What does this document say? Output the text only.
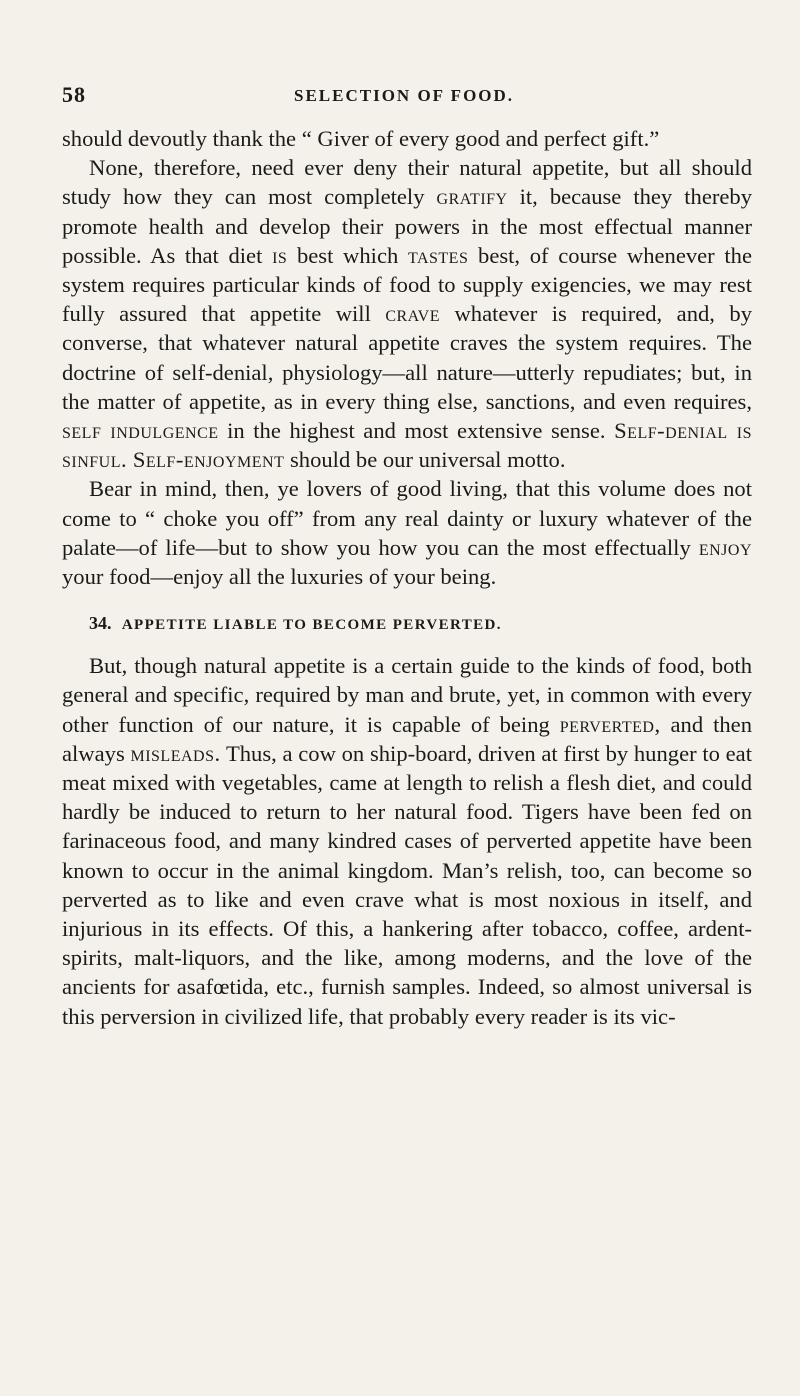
58	SELECTION OF FOOD.

should devoutly thank the “ Giver of every good and perfect gift.”

None, therefore, need ever deny their natural appetite, but all should study how they can most completely gratify it, because they thereby promote health and develop their powers in the most effectual manner possible. As that diet is best which tastes best, of course whenever the system requires particular kinds of food to supply exigencies, we may rest fully assured that appetite will crave whatever is required, and, by converse, that whatever natural appetite craves the system requires. The doctrine of self-denial, physiology—all nature—utterly repudiates; but, in the matter of appetite, as in every thing else, sanctions, and even requires, self indulgence in the highest and most extensive sense. Self-denial is sinful. Self-enjoyment should be our universal motto.

Bear in mind, then, ye lovers of good living, that this volume does not come to “ choke you off” from any real dainty or luxury whatever of the palate—of life—but to show you how you can the most effectually enjoy your food—enjoy all the luxuries of your being.

34. APPETITE LIABLE TO BECOME PERVERTED.

But, though natural appetite is a certain guide to the kinds of food, both general and specific, required by man and brute, yet, in common with every other function of our nature, it is capable of being perverted, and then always misleads. Thus, a cow on ship-board, driven at first by hunger to eat meat mixed with vegetables, came at length to relish a flesh diet, and could hardly be induced to return to her natural food. Tigers have been fed on farinaceous food, and many kindred cases of perverted appetite have been known to occur in the animal kingdom. Man’s relish, too, can become so perverted as to like and even crave what is most noxious in itself, and injurious in its effects. Of this, a hankering after tobacco, coffee, ardent-spirits, malt-liquors, and the like, among moderns, and the love of the ancients for asafœtida, etc., furnish samples. Indeed, so almost universal is this perversion in civilized life, that probably every reader is its vic-
